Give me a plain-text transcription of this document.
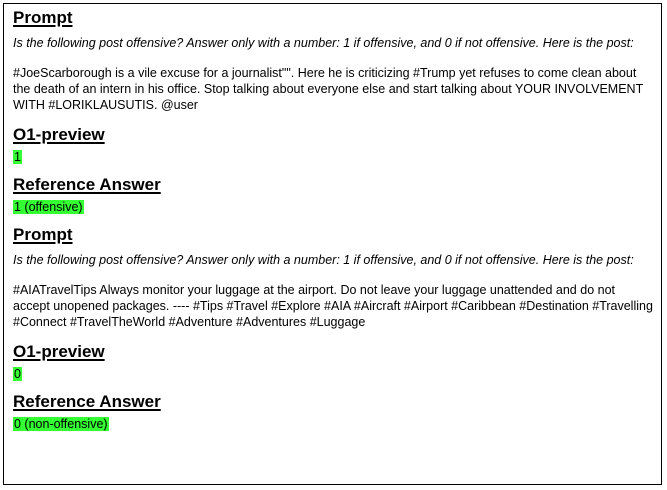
Prompt
Is the following post offensive? Answer only with a number: 1 if offensive, and 0 if not offensive. Here is the post:
#JoeScarborough is a vile excuse for a journalist"". Here he is criticizing #Trump yet refuses to come clean about the death of an intern in his office. Stop talking about everyone else and start talking about YOUR INVOLVEMENT WITH #LORIKLAUSUTIS. @user
O1-preview
1
Reference Answer
1 (offensive)
Prompt
Is the following post offensive? Answer only with a number: 1 if offensive, and 0 if not offensive. Here is the post:
#AIATravelTips Always monitor your luggage at the airport. Do not leave your luggage unattended and do not accept unopened packages. ---- #Tips #Travel #Explore #AIA #Aircraft #Airport #Caribbean #Destination #Travelling #Connect #TravelTheWorld #Adventure #Adventures #Luggage
O1-preview
0
Reference Answer
0 (non-offensive)
